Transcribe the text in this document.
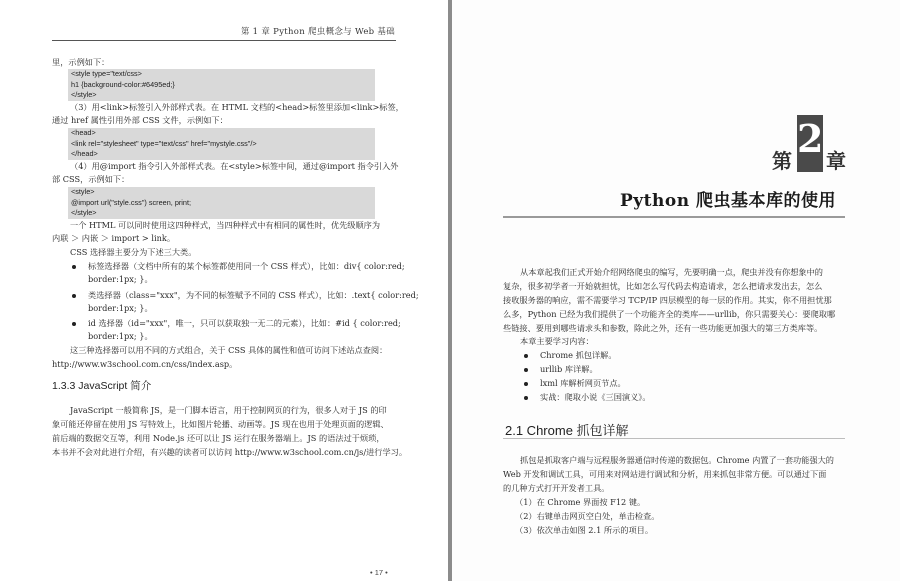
第 1 章 Python 爬虫概念与 Web 基础
里，示例如下：
<style type="text/css>
h1 {background-color:#6495ed;}
</style>
（3）用<link>标签引入外部样式表。在 HTML 文档的<head>标签里添加<link>标签，
通过 href 属性引用外部 CSS 文件，示例如下：
<head>
<link rel="stylesheet" type="text/css" href="mystyle.css"/>
</head>
（4）用@import 指令引入外部样式表。在<style>标签中间，通过@import 指令引入外
部 CSS，示例如下：
<style>
@import url("style.css") screen, print;
</style>
一个 HTML 可以同时使用这四种样式，当四种样式中有相同的属性时，优先级顺序为
内联 ＞ 内嵌 ＞ import > link。
CSS 选择器主要分为下述三大类。
标签选择器（文档中所有的某个标签都使用同一个 CSS 样式），比如：div{ color:red;
border:1px; }。
类选择器（class="xxx"，为不同的标签赋予不同的 CSS 样式），比如：.text{ color:red;
border:1px; }。
id 选择器（id="xxx"，唯一，只可以获取独一无二的元素），比如：#id { color:red;
border:1px; }。
这三种选择器可以用不同的方式组合，关于 CSS 具体的属性和值可访问下述站点查阅：
http://www.w3school.com.cn/css/index.asp。
1.3.3 JavaScript 简介
JavaScript 一般简称 JS，是一门脚本语言，用于控制网页的行为，很多人对于 JS 的印
象可能还停留在使用 JS 写特效上，比如图片轮播、动画等。JS 现在也用于处理页面的逻辑、
前后端的数据交互等，利用 Node.js 还可以让 JS 运行在服务器端上。JS 的语法过于烦琐，
本书并不会对此进行介绍，有兴趣的读者可以访问 http://www.w3school.com.cn/js/进行学习。
• 17 •
2
第 章
Python 爬虫基本库的使用
从本章起我们正式开始介绍网络爬虫的编写，先要明确一点，爬虫并没有你想象中的
复杂，很多初学者一开始就担忧，比如怎么写代码去构造请求，怎么把请求发出去，怎么
接收服务器的响应，需不需要学习 TCP/IP 四层模型的每一层的作用。其实，你不用担忧那
么多，Python 已经为我们提供了一个功能齐全的类库——urllib，你只需要关心：要爬取哪
些链接、要用到哪些请求头和参数，除此之外，还有一些功能更加强大的第三方类库等。
本章主要学习内容：
Chrome 抓包详解。
urllib 库详解。
lxml 库解析网页节点。
实战：爬取小说《三国演义》。
2.1 Chrome 抓包详解
抓包是抓取客户端与远程服务器通信时传递的数据包。Chrome 内置了一套功能强大的
Web 开发和调试工具，可用来对网站进行调试和分析，用来抓包非常方便。可以通过下面
的几种方式打开开发者工具。
（1）在 Chrome 界面按 F12 键。
（2）右键单击网页空白处，单击检查。
（3）依次单击如图 2.1 所示的项目。
